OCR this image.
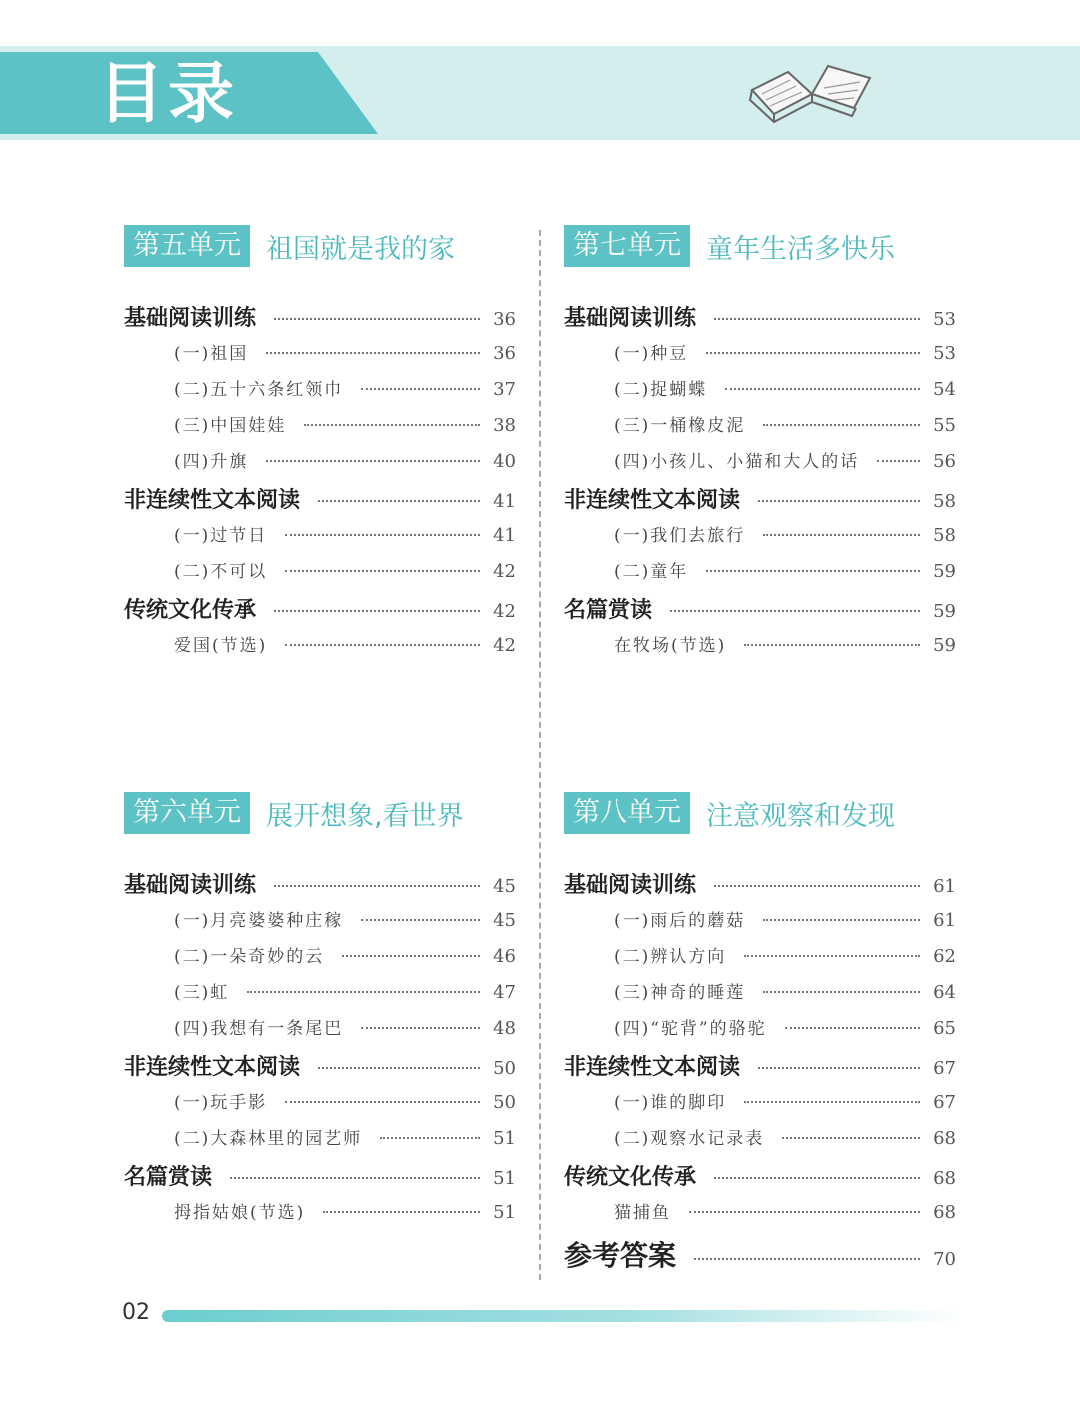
目录
第五单元 祖国就是我的家
基础阅读训练	36
(一)祖国	36
(二)五十六条红领巾	37
(三)中国娃娃	38
(四)升旗	40
非连续性文本阅读	41
(一)过节日	41
(二)不可以	42
传统文化传承	42
爱国(节选)	42
第七单元 童年生活多快乐
基础阅读训练	53
(一)种豆	53
(二)捉蝴蝶	54
(三)一桶橡皮泥	55
(四)小孩儿、小猫和大人的话	56
非连续性文本阅读	58
(一)我们去旅行	58
(二)童年	59
名篇赏读	59
在牧场(节选)	59
第六单元 展开想象,看世界
基础阅读训练	45
(一)月亮婆婆种庄稼	45
(二)一朵奇妙的云	46
(三)虹	47
(四)我想有一条尾巴	48
非连续性文本阅读	50
(一)玩手影	50
(二)大森林里的园艺师	51
名篇赏读	51
拇指姑娘(节选)	51
第八单元 注意观察和发现
基础阅读训练	61
(一)雨后的蘑菇	61
(二)辨认方向	62
(三)神奇的睡莲	64
(四)“驼背”的骆驼	65
非连续性文本阅读	67
(一)谁的脚印	67
(二)观察水记录表	68
传统文化传承	68
猫捕鱼	68
参考答案	70
02
